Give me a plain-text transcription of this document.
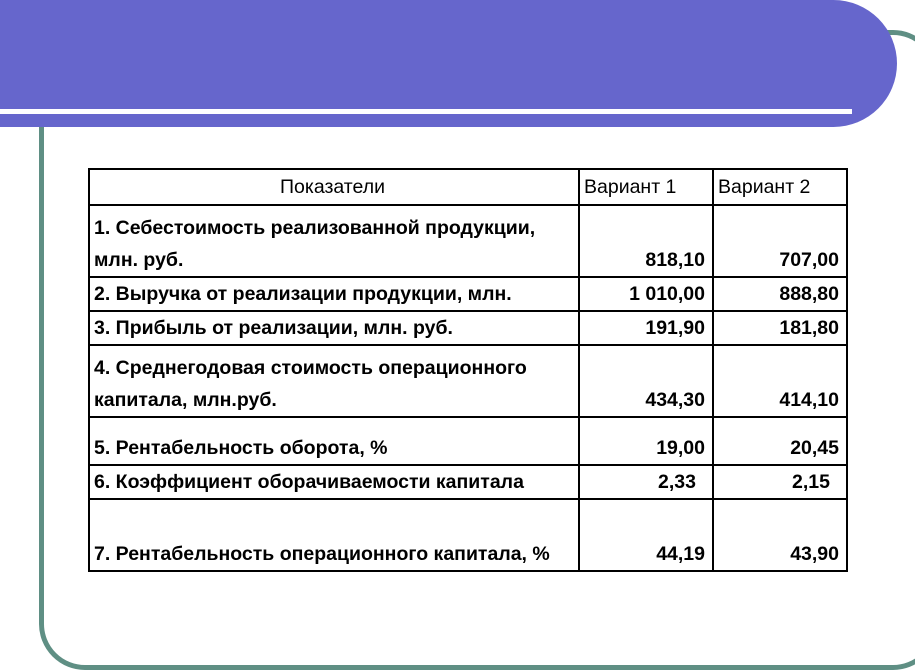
Показатели	Вариант 1	Вариант 2
1. Себестоимость реализованной продукции, млн. руб.	818,10	707,00
2. Выручка от реализации продукции, млн.	1 010,00	888,80
3. Прибыль от реализации, млн. руб.	191,90	181,80
4. Среднегодовая стоимость операционного капитала, млн.руб.	434,30	414,10
5. Рентабельность оборота, %	19,00	20,45
6. Коэффициент оборачиваемости капитала	2,33	2,15
7. Рентабельность операционного капитала, %	44,19	43,90
